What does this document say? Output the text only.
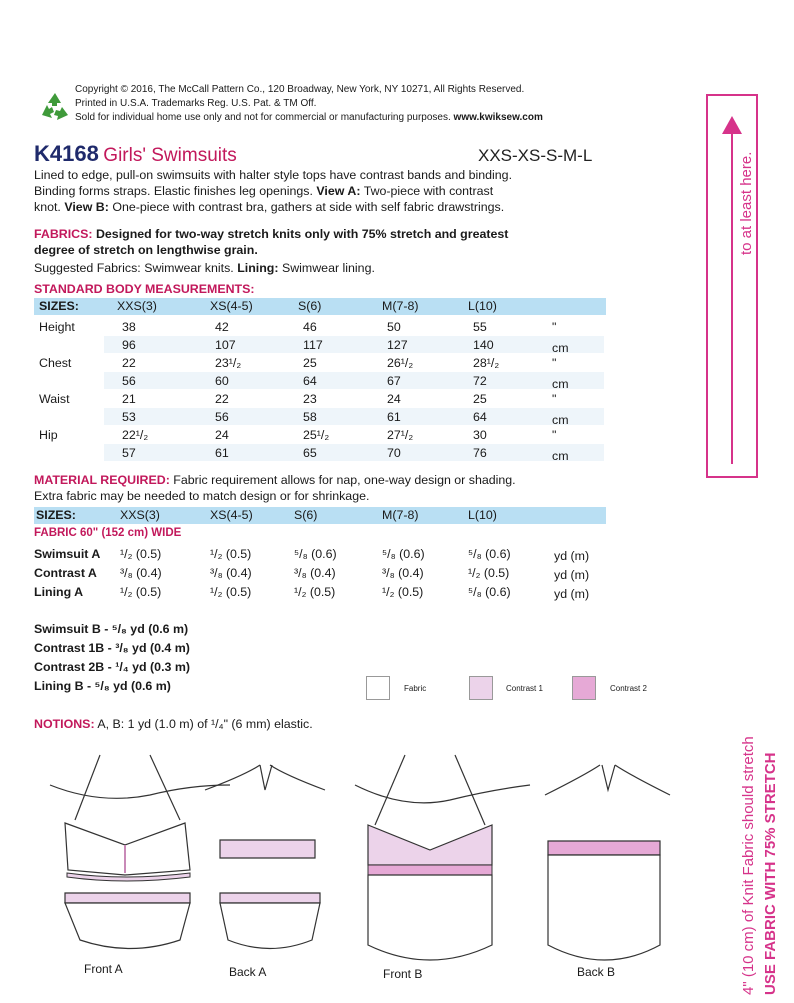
Copyright © 2016, The McCall Pattern Co., 120 Broadway, New York, NY 10271, All Rights Reserved.
Printed in U.S.A. Trademarks Reg. U.S. Pat. & TM Off.
Sold for individual home use only and not for commercial or manufacturing purposes. www.kwiksew.com
K4168 Girls' Swimsuits	XXS-XS-S-M-L
Lined to edge, pull-on swimsuits with halter style tops have contrast bands and binding.
Binding forms straps. Elastic finishes leg openings. View A: Two-piece with contrast
knot. View B: One-piece with contrast bra, gathers at side with self fabric drawstrings.
FABRICS: Designed for two-way stretch knits only with 75% stretch and greatest
degree of stretch on lengthwise grain.
Suggested Fabrics: Swimwear knits. Lining: Swimwear lining.
STANDARD BODY MEASUREMENTS:
SIZES:	XXS(3)	XS(4-5)	S(6)	M(7-8)	L(10)
Height	38	42	46	50	55	"
96	107	117	127	140	cm
Chest	22	23¹/₂	25	26¹/₂	28¹/₂	"
56	60	64	67	72	cm
Waist	21	22	23	24	25	"
53	56	58	61	64	cm
Hip	22¹/₂	24	25¹/₂	27¹/₂	30	"
57	61	65	70	76	cm
MATERIAL REQUIRED: Fabric requirement allows for nap, one-way design or shading.
Extra fabric may be needed to match design or for shrinkage.
SIZES:	XXS(3)	XS(4-5)	S(6)	M(7-8)	L(10)
FABRIC 60" (152 cm) WIDE
Swimsuit A ¹/₂ (0.5)	¹/₂ (0.5)	⁵/₈ (0.6)	⁵/₈ (0.6)	⁵/₈ (0.6)	yd (m)
Contrast A ³/₈ (0.4)	³/₈ (0.4)	³/₈ (0.4)	³/₈ (0.4)	¹/₂ (0.5)	yd (m)
Lining A	¹/₂ (0.5)	¹/₂ (0.5)	¹/₂ (0.5)	¹/₂ (0.5)	⁵/₈ (0.6)	yd (m)
Swimsuit B - ⁵/₈ yd (0.6 m)
Contrast 1B - ³/₈ yd (0.4 m)
Contrast 2B - ¹/₄ yd (0.3 m)
Lining B - ⁵/₈ yd (0.6 m)	Fabric	Contrast 1	Contrast 2
NOTIONS: A, B: 1 yd (1.0 m) of ¹/₄" (6 mm) elastic.
Front A	Back A	Front B	Back B
to at least here.
4" (10 cm) of Knit Fabric should stretch USE FABRIC WITH 75% STRETCH
